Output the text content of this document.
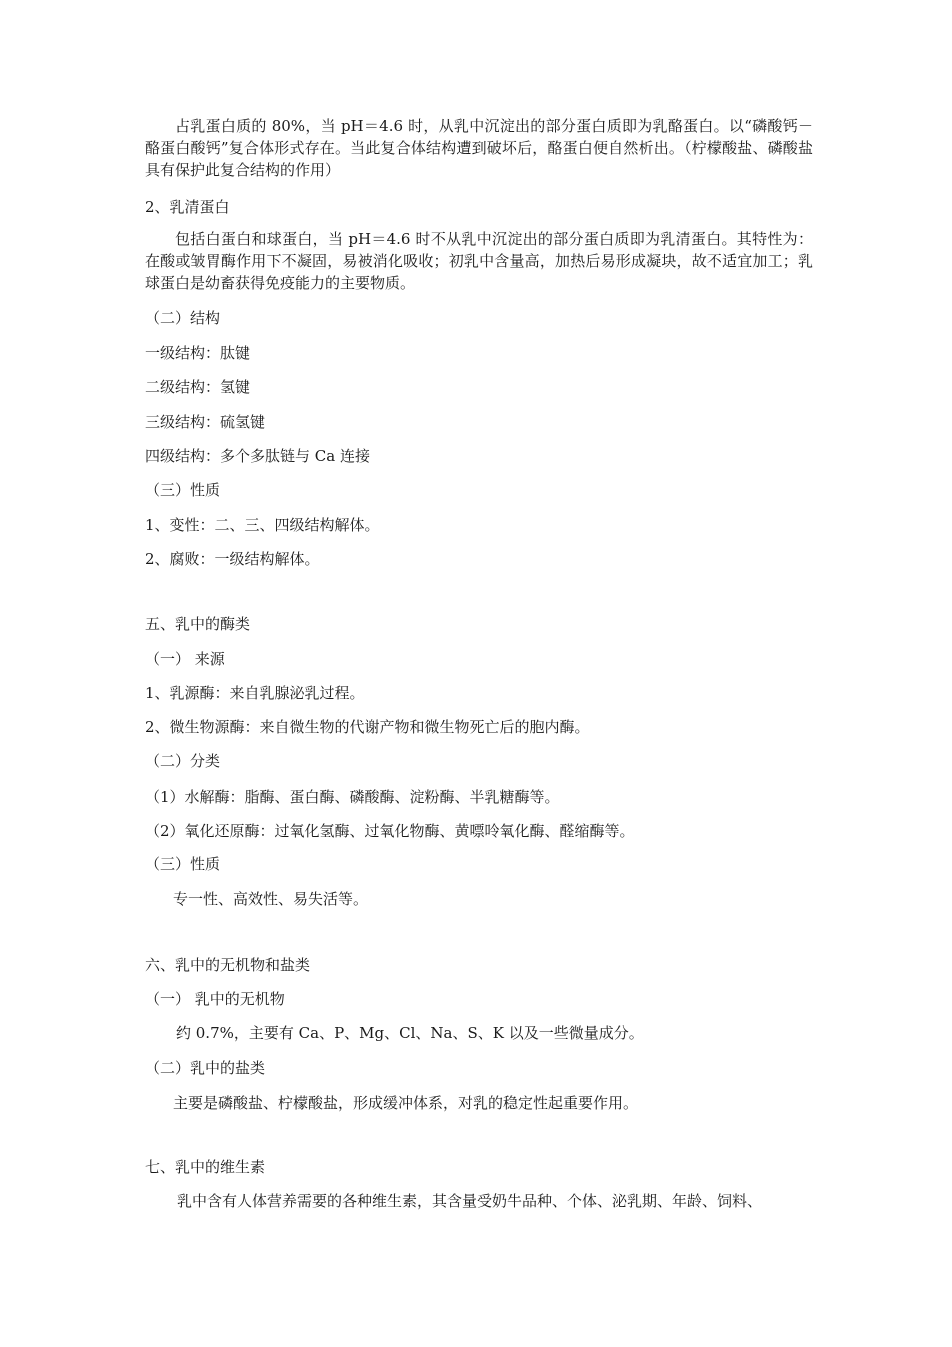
占乳蛋白质的 80%，当 pH＝4.6 时，从乳中沉淀出的部分蛋白质即为乳酪蛋白。以“磷酸钙－酪蛋白酸钙”复合体形式存在。当此复合体结构遭到破坏后，酪蛋白便自然析出。（柠檬酸盐、磷酸盐具有保护此复合结构的作用）
2、乳清蛋白
包括白蛋白和球蛋白，当 pH＝4.6 时不从乳中沉淀出的部分蛋白质即为乳清蛋白。其特性为：在酸或皱胃酶作用下不凝固，易被消化吸收；初乳中含量高，加热后易形成凝块，故不适宜加工；乳球蛋白是幼畜获得免疫能力的主要物质。
（二）结构
一级结构：肽键
二级结构：氢键
三级结构：硫氢键
四级结构：多个多肽链与 Ca 连接
（三）性质
1、变性：二、三、四级结构解体。
2、腐败：一级结构解体。
五、乳中的酶类
（一） 来源
1、乳源酶：来自乳腺泌乳过程。
2、微生物源酶：来自微生物的代谢产物和微生物死亡后的胞内酶。
（二）分类
（1）水解酶：脂酶、蛋白酶、磷酸酶、淀粉酶、半乳糖酶等。
（2）氧化还原酶：过氧化氢酶、过氧化物酶、黄嘌呤氧化酶、醛缩酶等。
（三）性质
专一性、高效性、易失活等。
六、乳中的无机物和盐类
（一） 乳中的无机物
约 0.7%，主要有 Ca、P、Mg、Cl、Na、S、K 以及一些微量成分。
（二）乳中的盐类
主要是磷酸盐、柠檬酸盐，形成缓冲体系，对乳的稳定性起重要作用。
七、乳中的维生素
乳中含有人体营养需要的各种维生素，其含量受奶牛品种、个体、泌乳期、年龄、饲料、
